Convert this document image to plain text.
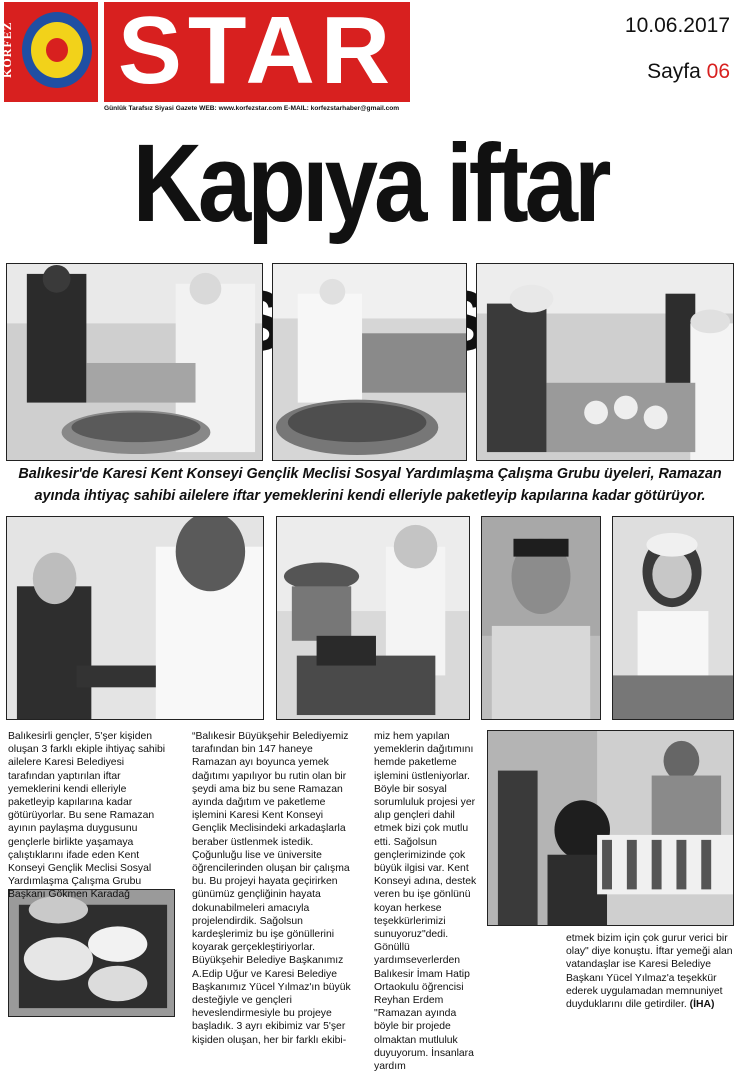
KÖRFEZ STAR
Günlük Tarafsız Siyasi Gazete WEB: www.korfezstar.com E-MAIL: korfezstarhaber@gmail.com
10.06.2017
Sayfa 06
Kapıya iftar
Balıkesir'de Karesi Kent Konseyi Gençlik Meclisi Sosyal Yardımlaşma Çalışma Grubu üyeleri, Ramazan ayında ihtiyaç sahibi ailelere iftar yemeklerini kendi elleriyle paketleyip kapılarına kadar götürüyor.

Balıkesirli gençler, 5'şer kişiden oluşan 3 farklı ekiple ihtiyaç sahibi ailelere Karesi Belediyesi tarafından yaptırılan iftar yemeklerini kendi elleriyle paketleyip kapılarına kadar götürüyorlar. Bu sene Ramazan ayının paylaşma duygusunu gençlerle birlikte yaşamaya çalıştıklarını ifade eden Kent Konseyi Gençlik Meclisi Sosyal Yardımlaşma Çalışma Grubu Başkanı Gökmen Karadağ

“Balıkesir Büyükşehir Belediyemiz tarafından bin 147 haneye Ramazan ayı boyunca yemek dağıtımı yapılıyor bu rutin olan bir şeydi ama biz bu sene Ramazan ayında dağıtım ve paketleme işlemini Karesi Kent Konseyi Gençlik Meclisindeki arkadaşlarla beraber üstlenmek istedik. Çoğunluğu lise ve üniversite öğrencilerinden oluşan bir çalışma bu. Bu projeyi hayata geçirirken günümüz gençliğinin hayata dokunabilmeleri amacıyla projelendirdik. Sağolsun kardeşlerimiz bu işe gönüllerini koyarak gerçekleştiriyorlar. Büyükşehir Belediye Başkanımız A.Edip Uğur ve Karesi Belediye Başkanımız Yücel Yılmaz'ın büyük desteğiyle ve gençleri heveslendirmesiyle bu projeye başladık. 3 ayrı ekibimiz var 5'şer kişiden oluşan, her bir farklı ekibi-

miz hem yapılan yemeklerin dağıtımını hemde paketleme işlemini üstleniyorlar. Böyle bir sosyal sorumluluk projesi yer alıp gençleri dahil etmek bizi çok mutlu etti. Sağolsun gençlerimizinde çok büyük ilgisi var. Kent Konseyi adına, destek veren bu işe gönlünü koyan herkese teşekkürlerimizi sunuyoruz"dedi. Gönüllü yardımseverlerden Balıkesir İmam Hatip Ortaokulu öğrencisi Reyhan Erdem "Ramazan ayında böyle bir projede olmaktan mutluluk duyuyorum. İnsanlara yardım

etmek bizim için çok gurur verici bir olay" diye konuştu. İftar yemeği alan vatandaşlar ise Karesi Belediye Başkanı Yücel Yılmaz'a teşekkür ederek uygulamadan memnuniyet duyduklarını dile getirdiler. (İHA)
